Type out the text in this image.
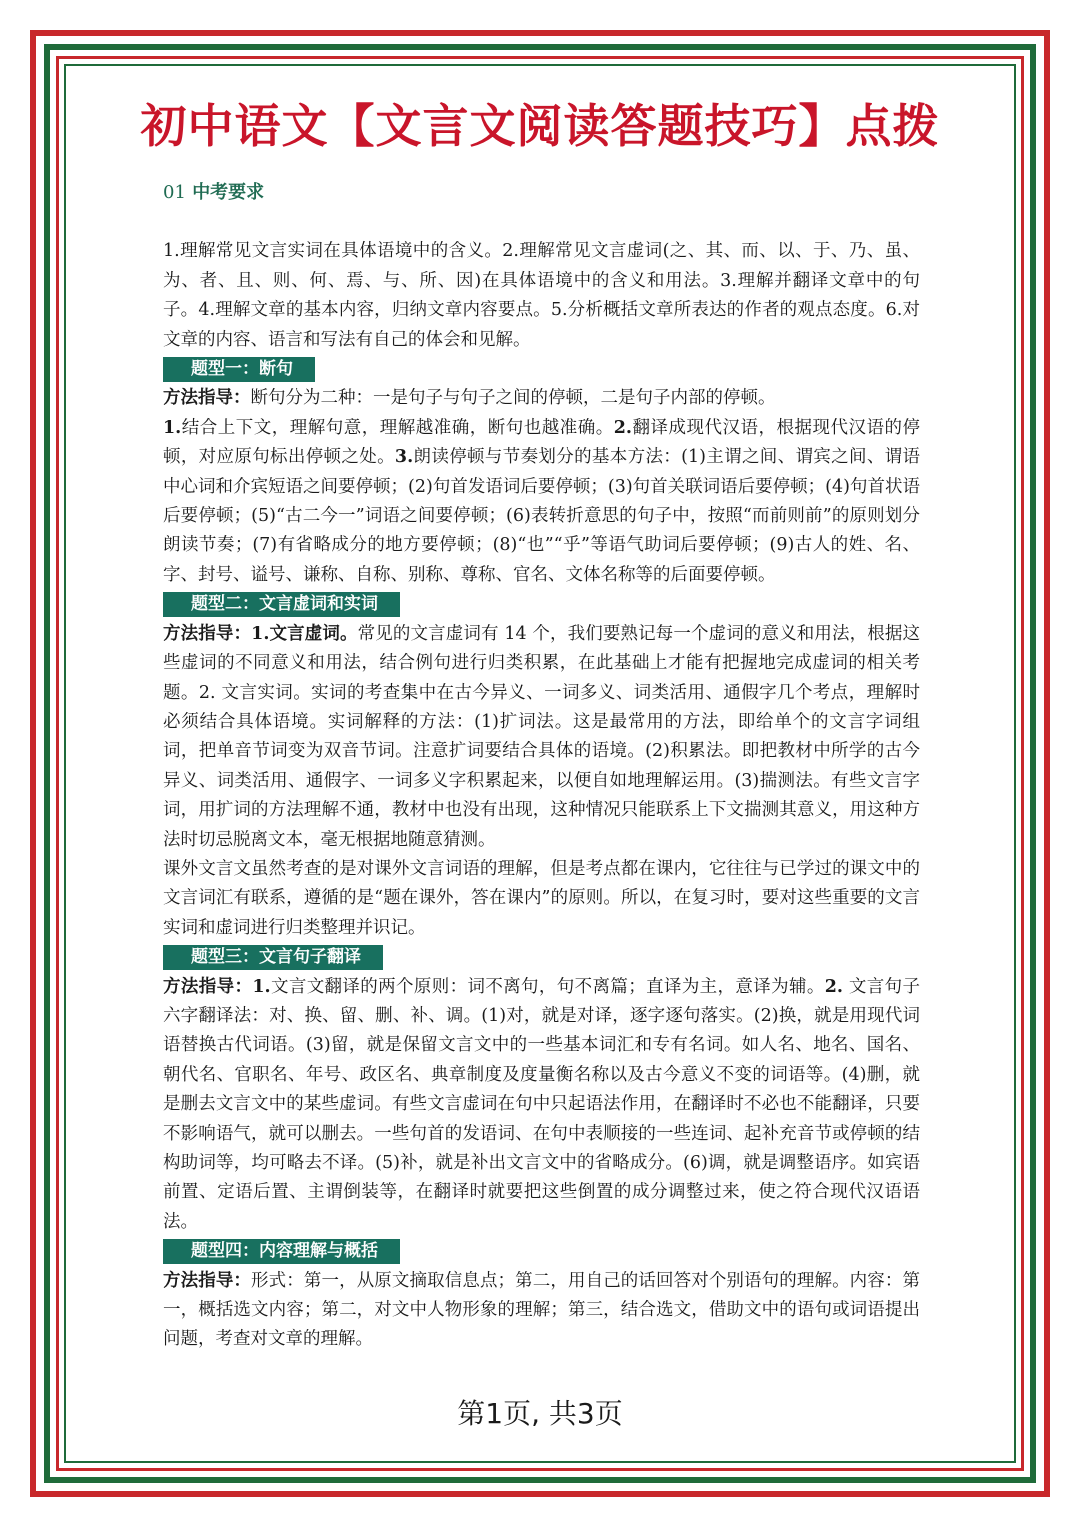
初中语文【文言文阅读答题技巧】点拨
01 中考要求

1.理解常见文言实词在具体语境中的含义。2.理解常见文言虚词(之、其、而、以、于、乃、虽、为、者、且、则、何、焉、与、所、因)在具体语境中的含义和用法。3.理解并翻译文章中的句子。4.理解文章的基本内容，归纳文章内容要点。5.分析概括文章所表达的作者的观点态度。6.对文章的内容、语言和写法有自己的体会和见解。

题型一：断句

方法指导：断句分为二种：一是句子与句子之间的停顿，二是句子内部的停顿。

1.结合上下文，理解句意，理解越准确，断句也越准确。2.翻译成现代汉语，根据现代汉语的停顿，对应原句标出停顿之处。3.朗读停顿与节奏划分的基本方法：(1)主谓之间、谓宾之间、谓语中心词和介宾短语之间要停顿；(2)句首发语词后要停顿；(3)句首关联词语后要停顿；(4)句首状语后要停顿；(5)“古二今一”词语之间要停顿；(6)表转折意思的句子中，按照“而前则前”的原则划分朗读节奏；(7)有省略成分的地方要停顿；(8)“也”“乎”等语气助词后要停顿；(9)古人的姓、名、字、封号、谥号、谦称、自称、别称、尊称、官名、文体名称等的后面要停顿。

题型二：文言虚词和实词

方法指导：1.文言虚词。常见的文言虚词有 14 个，我们要熟记每一个虚词的意义和用法，根据这些虚词的不同意义和用法，结合例句进行归类积累，在此基础上才能有把握地完成虚词的相关考题。2. 文言实词。实词的考查集中在古今异义、一词多义、词类活用、通假字几个考点，理解时必须结合具体语境。实词解释的方法：(1)扩词法。这是最常用的方法，即给单个的文言字词组词，把单音节词变为双音节词。注意扩词要结合具体的语境。(2)积累法。即把教材中所学的古今异义、词类活用、通假字、一词多义字积累起来，以便自如地理解运用。(3)揣测法。有些文言字词，用扩词的方法理解不通，教材中也没有出现，这种情况只能联系上下文揣测其意义，用这种方法时切忌脱离文本，毫无根据地随意猜测。

课外文言文虽然考查的是对课外文言词语的理解，但是考点都在课内，它往往与已学过的课文中的文言词汇有联系，遵循的是“题在课外，答在课内”的原则。所以，在复习时，要对这些重要的文言实词和虚词进行归类整理并识记。

题型三：文言句子翻译

方法指导：1.文言文翻译的两个原则：词不离句，句不离篇；直译为主，意译为辅。2. 文言句子六字翻译法：对、换、留、删、补、调。(1)对，就是对译，逐字逐句落实。(2)换，就是用现代词语替换古代词语。(3)留，就是保留文言文中的一些基本词汇和专有名词。如人名、地名、国名、朝代名、官职名、年号、政区名、典章制度及度量衡名称以及古今意义不变的词语等。(4)删，就是删去文言文中的某些虚词。有些文言虚词在句中只起语法作用，在翻译时不必也不能翻译，只要不影响语气，就可以删去。一些句首的发语词、在句中表顺接的一些连词、起补充音节或停顿的结构助词等，均可略去不译。(5)补，就是补出文言文中的省略成分。(6)调，就是调整语序。如宾语前置、定语后置、主谓倒装等，在翻译时就要把这些倒置的成分调整过来，使之符合现代汉语语法。

题型四：内容理解与概括

方法指导：形式：第一，从原文摘取信息点；第二，用自己的话回答对个别语句的理解。内容：第一，概括选文内容；第二，对文中人物形象的理解；第三，结合选文，借助文中的语句或词语提出问题，考查对文章的理解。

第1页, 共3页
